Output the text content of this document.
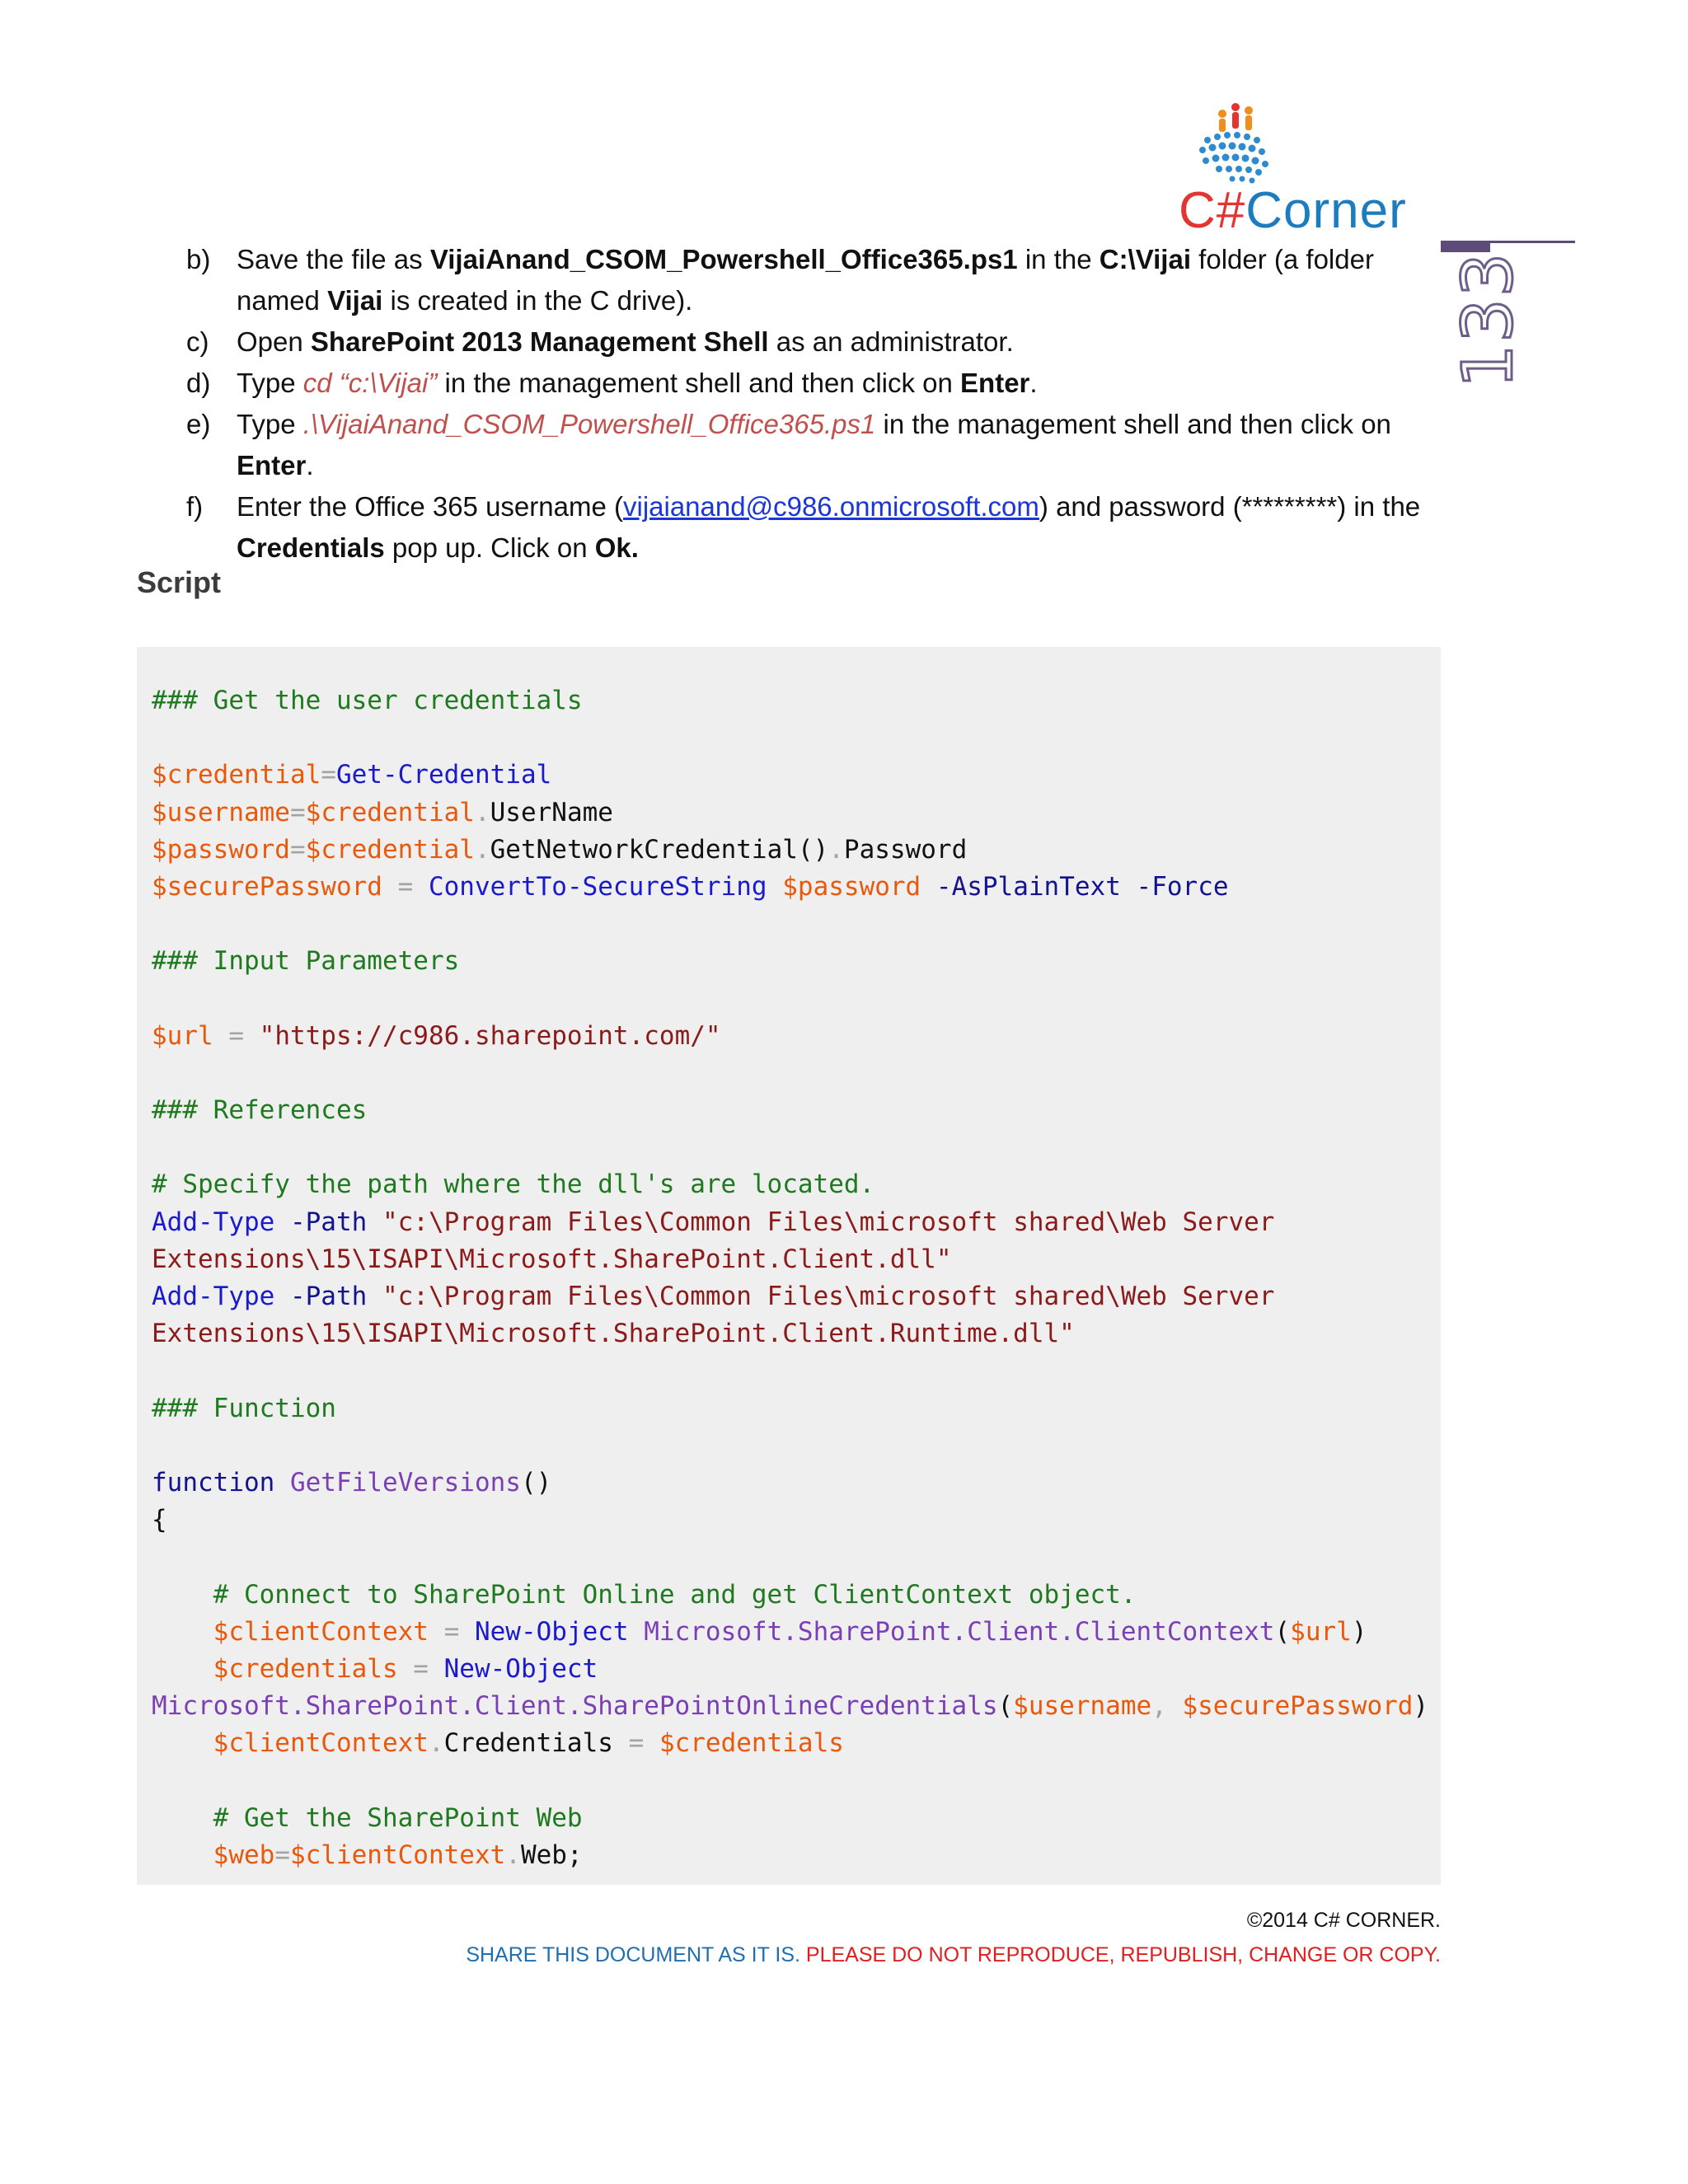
C#Corner
133
b) Save the file as VijaiAnand_CSOM_Powershell_Office365.ps1 in the C:\Vijai folder (a folder named Vijai is created in the C drive).
c) Open SharePoint 2013 Management Shell as an administrator.
d) Type cd “c:\Vijai” in the management shell and then click on Enter.
e) Type .\VijaiAnand_CSOM_Powershell_Office365.ps1 in the management shell and then click on Enter.
f) Enter the Office 365 username (vijaianand@c986.onmicrosoft.com) and password (*********) in the Credentials pop up. Click on Ok.
Script
### Get the user credentials

$credential=Get-Credential
$username=$credential.UserName
$password=$credential.GetNetworkCredential().Password
$securePassword = ConvertTo-SecureString $password -AsPlainText -Force

### Input Parameters

$url = "https://c986.sharepoint.com/"

### References

# Specify the path where the dll's are located.
Add-Type -Path "c:\Program Files\Common Files\microsoft shared\Web Server
Extensions\15\ISAPI\Microsoft.SharePoint.Client.dll"
Add-Type -Path "c:\Program Files\Common Files\microsoft shared\Web Server
Extensions\15\ISAPI\Microsoft.SharePoint.Client.Runtime.dll"

### Function

function GetFileVersions()
{

# Connect to SharePoint Online and get ClientContext object.
$clientContext = New-Object Microsoft.SharePoint.Client.ClientContext($url)
$credentials = New-Object
Microsoft.SharePoint.Client.SharePointOnlineCredentials($username, $securePassword)
$clientContext.Credentials = $credentials

# Get the SharePoint Web
$web=$clientContext.Web;
©2014 C# CORNER.
SHARE THIS DOCUMENT AS IT IS. PLEASE DO NOT REPRODUCE, REPUBLISH, CHANGE OR COPY.
